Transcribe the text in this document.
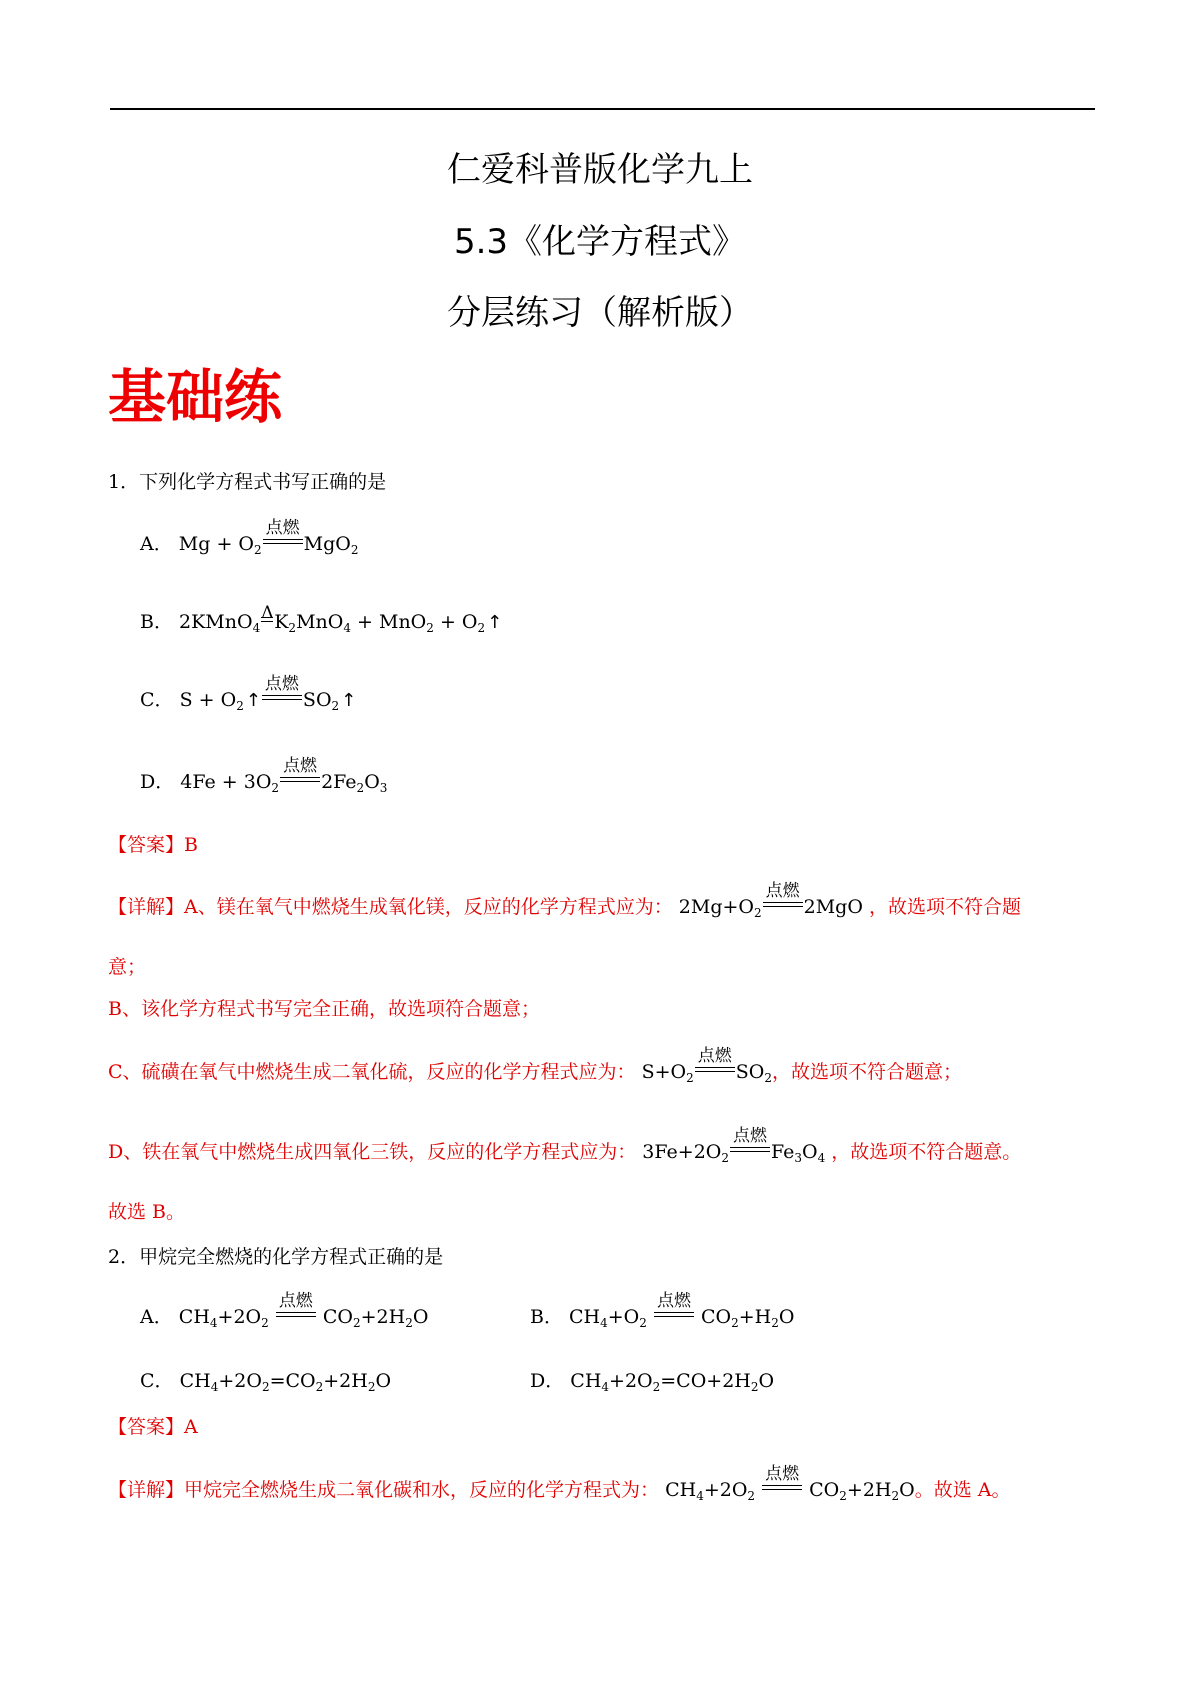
仁爱科普版化学九上
5.3《化学方程式》
分层练习（解析版）
基础练
1．下列化学方程式书写正确的是
A． $Mg + O_2$
点燃
MgO$_2$
B． 2KMnO$_4$
Δ $K_2MnO_4 + MnO_2 + O_2$ ↑
C． $S + O_2$ ↑
点燃
$SO_2$ ↑
D． $4Fe + 3O_2$
点燃
$2Fe_2O_3$
【答案】B
【详解】A、镁在氧气中燃烧生成氧化镁，反应的化学方程式应为： $2Mg+O_2$
点燃
2MgO ，故选项不符合题
意；
B、该化学方程式书写完全正确，故选项符合题意；
C、硫磺在氧气中燃烧生成二氧化硫，反应的化学方程式应为： $S+O_2$
点燃
$SO_2$，故选项不符合题意；
D、铁在氧气中燃烧生成四氧化三铁，反应的化学方程式应为： $3Fe+2O_2$
点燃
$Fe_3O_4$ ，故选项不符合题意。
故选 B。
2．甲烷完全燃烧的化学方程式正确的是
A． $CH_4+2O_2$
点燃
$CO_2+2H_2O$	B． $CH_4+O_2$
点燃
$CO_2+H_2O$
C． $CH_4+2O_2=CO_2+2H_2O$	D． $CH_4+2O_2=CO+2H_2O$
【答案】A
【详解】甲烷完全燃烧生成二氧化碳和水，反应的化学方程式为： $CH_4+2O_2$
点燃
$CO_2+2H_2O$。故选 A。
